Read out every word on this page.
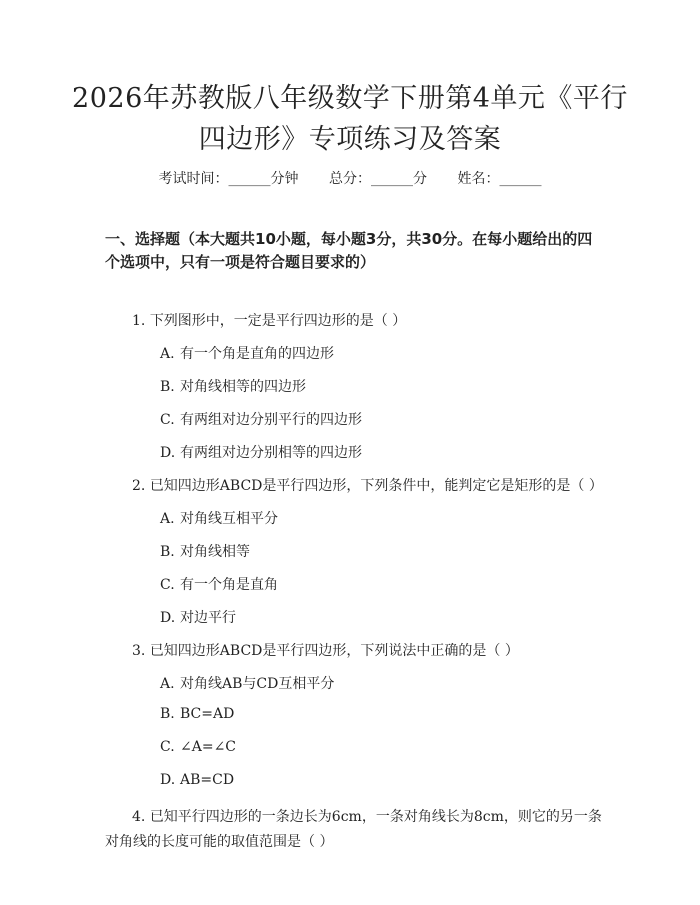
2026年苏教版八年级数学下册第4单元《平行四边形》专项练习及答案
考试时间：______分钟 总分：______分 姓名：______
一、选择题（本大题共10小题，每小题3分，共30分。在每小题给出的四个选项中，只有一项是符合题目要求的）
1. 下列图形中，一定是平行四边形的是（ ）
A. 有一个角是直角的四边形
B. 对角线相等的四边形
C. 有两组对边分别平行的四边形
D. 有两组对边分别相等的四边形
2. 已知四边形ABCD是平行四边形，下列条件中，能判定它是矩形的是（ ）
A. 对角线互相平分
B. 对角线相等
C. 有一个角是直角
D. 对边平行
3. 已知四边形ABCD是平行四边形，下列说法中正确的是（ ）
A. 对角线AB与CD互相平分
B. BC=AD
C. ∠A=∠C
D. AB=CD
4. 已知平行四边形的一条边长为6cm，一条对角线长为8cm，则它的另一条对角线的长度可能的取值范围是（ ）
